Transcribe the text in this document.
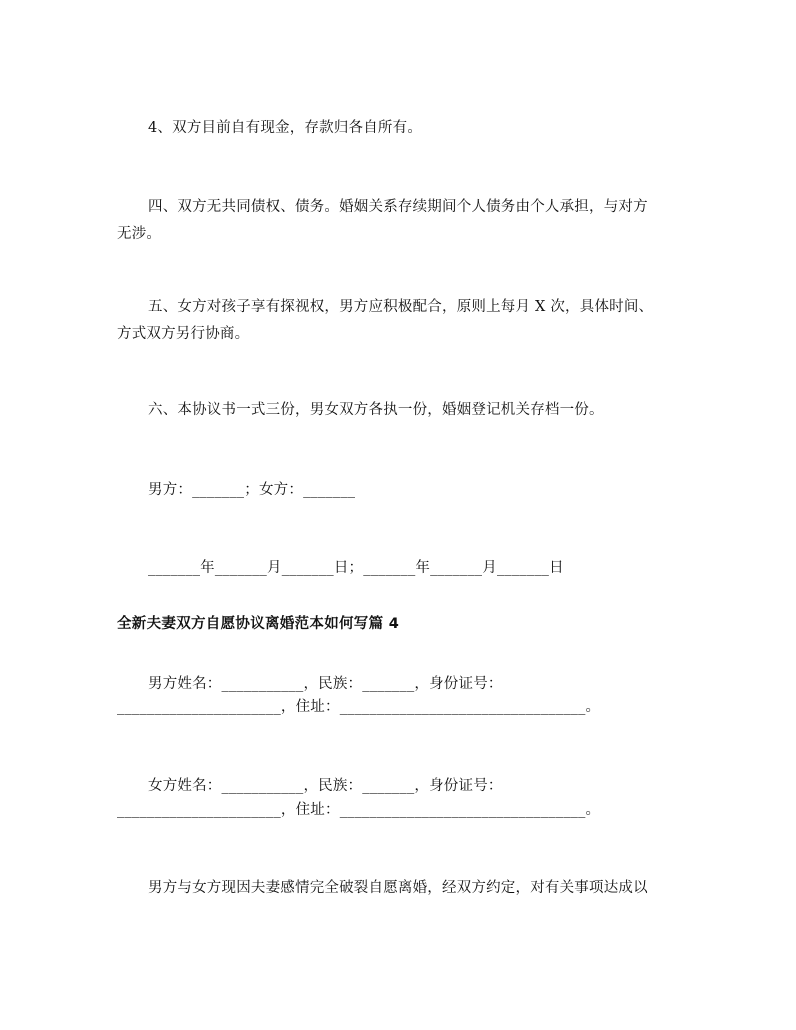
4、双方目前自有现金，存款归各自所有。
四、双方无共同债权、债务。婚姻关系存续期间个人债务由个人承担，与对方
无涉。
五、女方对孩子享有探视权，男方应积极配合，原则上每月 X 次，具体时间、
方式双方另行协商。
六、本协议书一式三份，男女双方各执一份，婚姻登记机关存档一份。
男方：_______；女方：_______
_______年_______月_______日；_______年_______月_______日
全新夫妻双方自愿协议离婚范本如何写篇 4
男方姓名：___________，民族：_______，身份证号：
______________________，住址：_________________________________。
女方姓名：___________，民族：_______，身份证号：
______________________，住址：_________________________________。
男方与女方现因夫妻感情完全破裂自愿离婚，经双方约定，对有关事项达成以
